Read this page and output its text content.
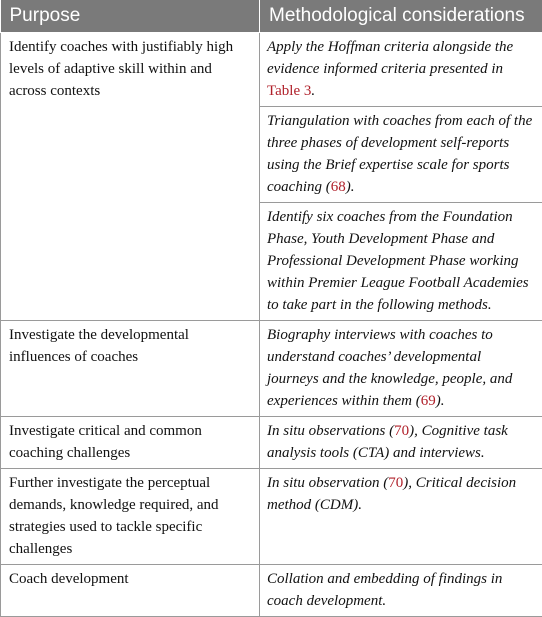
Purpose	Methodological considerations
Identify coaches with justifiably high levels of adaptive skill within and across contexts	Apply the Hoffman criteria alongside the evidence informed criteria presented in Table 3.
	Triangulation with coaches from each of the three phases of development self-reports using the Brief expertise scale for sports coaching (68).
	Identify six coaches from the Foundation Phase, Youth Development Phase and Professional Development Phase working within Premier League Football Academies to take part in the following methods.
Investigate the developmental influences of coaches	Biography interviews with coaches to understand coaches’ developmental journeys and the knowledge, people, and experiences within them (69).
Investigate critical and common coaching challenges	In situ observations (70), Cognitive task analysis tools (CTA) and interviews.
Further investigate the perceptual demands, knowledge required, and strategies used to tackle specific challenges	In situ observation (70), Critical decision method (CDM).
Coach development	Collation and embedding of findings in coach development.
